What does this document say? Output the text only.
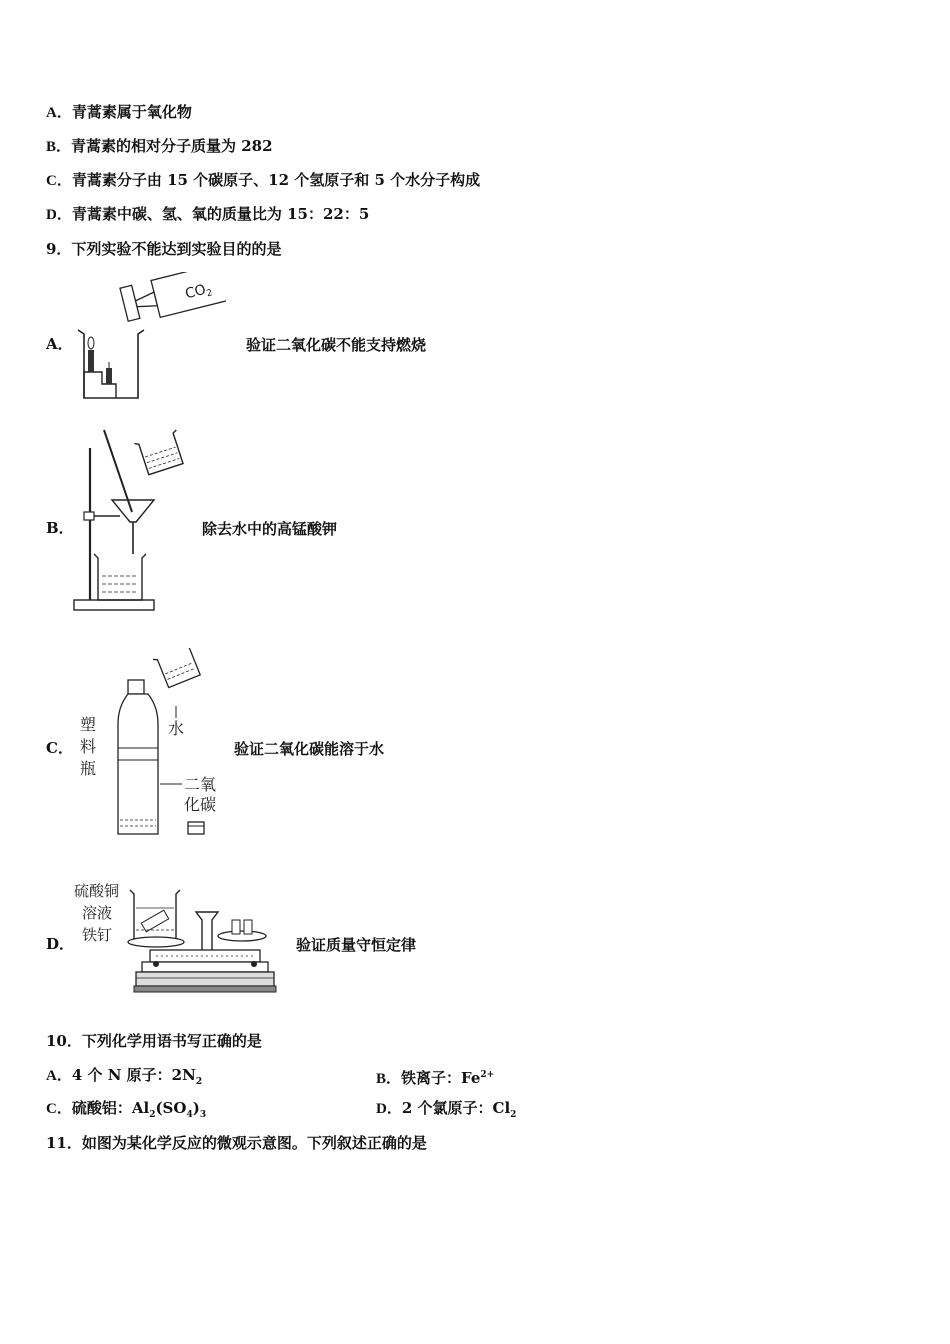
A．青蒿素属于氧化物
B．青蒿素的相对分子质量为 282
C．青蒿素分子由 15 个碳原子、12 个氢原子和 5 个水分子构成
D．青蒿素中碳、氢、氧的质量比为 15：22：5
9．下列实验不能达到实验目的的是
A．
$CO_2$
验证二氧化碳不能支持燃烧
B．	除去水中的高锰酸钾
C．
塑
料
瓶
水
二氧
化碳
验证二氧化碳能溶于水
D．
硫酸铜
溶液
铁钉
验证质量守恒定律
10．下列化学用语书写正确的是
A．4 个 N 原子：$2N_2$	B．铁离子：$Fe^{2+}$
C．硫酸铝：$Al_2(SO_4)_3$	D．2 个氯原子：$Cl_2$
11．如图为某化学反应的微观示意图。下列叙述正确的是
